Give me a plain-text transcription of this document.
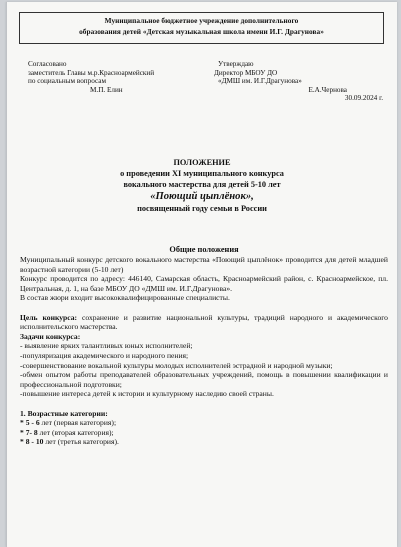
Муниципальное бюджетное учреждение дополнительного
образования детей «Детская музыкальная школа имени И.Г. Драгунова»
Согласовано
заместитель Главы м.р.Красноармейский
по социальным вопросам
М.П. Елин
Утверждаю
Директор МБОУ ДО
«ДМШ им. И.Г.Драгунова»
Е.А.Чернова
30.09.2024 г.
ПОЛОЖЕНИЕ
о проведении XI муниципального конкурса
вокального мастерства для детей 5-10 лет
«Поющий цыплёнок»,
посвященный году семьи в России
Общие положения
Муниципальный конкурс детского вокального мастерства «Поющий цыплёнок» проводится для детей младшей возрастной категории (5-10 лет)
Конкурс проводится по адресу: 446140, Самарская область, Красноармейский район, с. Красноармейское, пл. Центральная, д. 1, на базе МБОУ ДО «ДМШ им. И.Г.Драгунова».
В состав жюри входит высококвалифицированные специалисты.
Цель конкурса: сохранение и развитие национальной культуры, традиций народного и академического исполнительского мастерства.
Задачи конкурса:
- выявление ярких талантливых юных исполнителей;
-популяризация академического и народного пения;
-совершенствование вокальной культуры молодых исполнителей эстрадной и народной музыки;
-обмен опытом работы преподавателей образовательных учреждений, помощь в повышении квалификации и профессиональной подготовки;
-повышение интереса детей к истории и культурному наследию своей страны.
1. Возрастные категории:
* 5 - 6 лет (первая категория);
* 7- 8 лет (вторая категория);
* 8 - 10 лет (третья категория).
